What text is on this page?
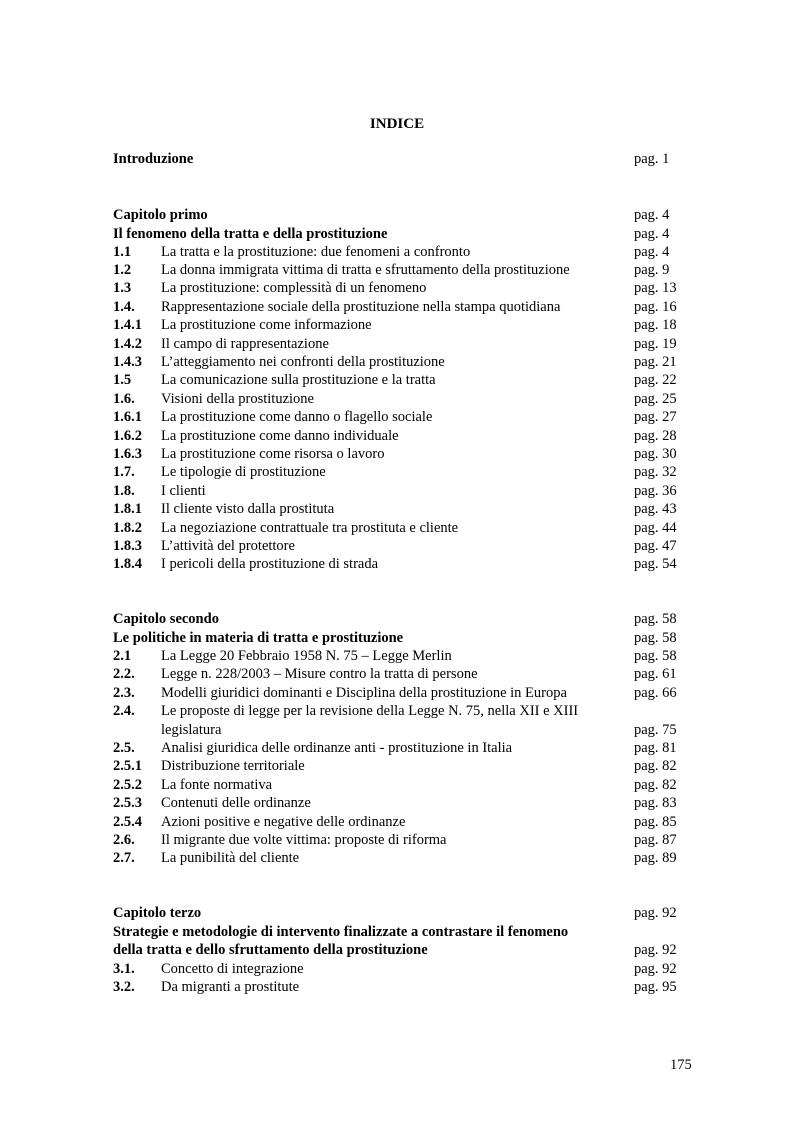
INDICE
Introduzione	pag. 1
Capitolo primo	pag. 4
Il fenomeno della tratta e della prostituzione	pag. 4
1.1 La tratta e la prostituzione: due fenomeni a confronto	pag. 4
1.2 La donna immigrata vittima di tratta e sfruttamento della prostituzione	pag. 9
1.3 La prostituzione: complessità di un fenomeno	pag. 13
1.4. Rappresentazione sociale della prostituzione nella stampa quotidiana	pag. 16
1.4.1 La prostituzione come informazione	pag. 18
1.4.2 Il campo di rappresentazione	pag. 19
1.4.3 L’atteggiamento nei confronti della prostituzione	pag. 21
1.5 La comunicazione sulla prostituzione e la tratta	pag. 22
1.6. Visioni della prostituzione	pag. 25
1.6.1 La prostituzione come danno o flagello sociale	pag. 27
1.6.2 La prostituzione come danno individuale	pag. 28
1.6.3 La prostituzione come risorsa o lavoro	pag. 30
1.7. Le tipologie di prostituzione	pag. 32
1.8. I clienti	pag. 36
1.8.1 Il cliente visto dalla prostituta	pag. 43
1.8.2 La negoziazione contrattuale tra prostituta e cliente	pag. 44
1.8.3 L’attività del protettore	pag. 47
1.8.4 I pericoli della prostituzione di strada	pag. 54
Capitolo secondo	pag. 58
Le politiche in materia di tratta e prostituzione	pag. 58
2.1 La Legge 20 Febbraio 1958 N. 75 – Legge Merlin	pag. 58
2.2. Legge n. 228/2003 – Misure contro la tratta di persone	pag. 61
2.3. Modelli giuridici dominanti e Disciplina della prostituzione in Europa	pag. 66
2.4. Le proposte di legge per la revisione della Legge N. 75, nella XII e XIII
legislatura	pag. 75
2.5. Analisi giuridica delle ordinanze anti - prostituzione in Italia	pag. 81
2.5.1 Distribuzione territoriale	pag. 82
2.5.2 La fonte normativa	pag. 82
2.5.3 Contenuti delle ordinanze	pag. 83
2.5.4 Azioni positive e negative delle ordinanze	pag. 85
2.6. Il migrante due volte vittima: proposte di riforma	pag. 87
2.7. La punibilità del cliente	pag. 89
Capitolo terzo	pag. 92
Strategie e metodologie di intervento finalizzate a contrastare il fenomeno
della tratta e dello sfruttamento della prostituzione	pag. 92
3.1. Concetto di integrazione	pag. 92
3.2. Da migranti a prostitute	pag. 95
175
